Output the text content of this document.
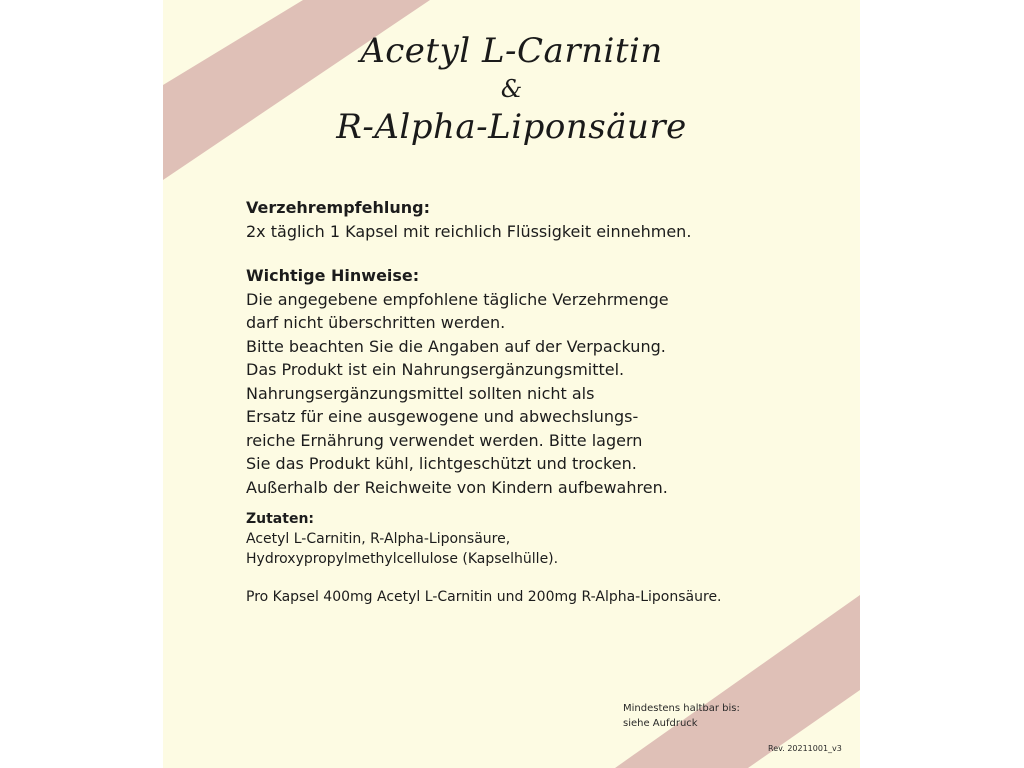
Acetyl L-Carnitin
&
R-Alpha-Liponsäure
Verzehrempfehlung:
2x täglich 1 Kapsel mit reichlich Flüssigkeit einnehmen.
Wichtige Hinweise:
Die angegebene empfohlene tägliche Verzehrmenge
darf nicht überschritten werden.
Bitte beachten Sie die Angaben auf der Verpackung.
Das Produkt ist ein Nahrungsergänzungsmittel.
Nahrungsergänzungsmittel sollten nicht als
Ersatz für eine ausgewogene und abwechslungs-
reiche Ernährung verwendet werden. Bitte lagern
Sie das Produkt kühl, lichtgeschützt und trocken.
Außerhalb der Reichweite von Kindern aufbewahren.
Zutaten:
Acetyl L-Carnitin, R-Alpha-Liponsäure,
Hydroxypropylmethylcellulose (Kapselhülle).
Pro Kapsel 400mg Acetyl L-Carnitin und 200mg R-Alpha-Liponsäure.
Mindestens haltbar bis:
siehe Aufdruck
Rev. 20211001_v3
